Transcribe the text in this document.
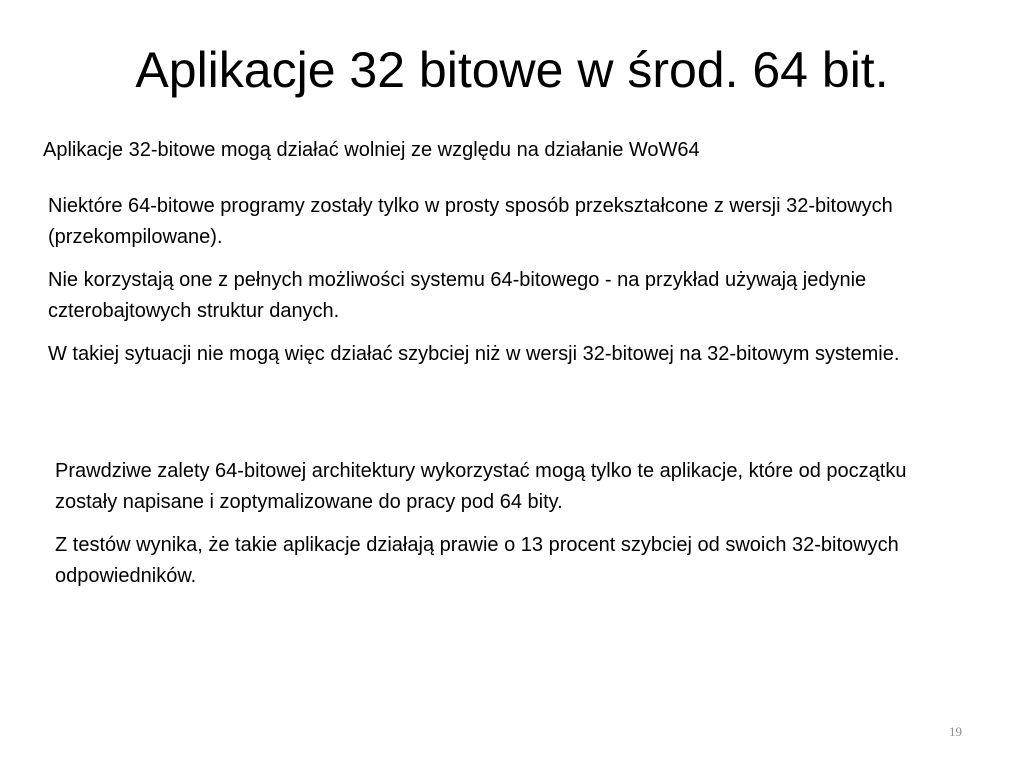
Aplikacje 32 bitowe w środ. 64 bit.
Aplikacje 32-bitowe mogą działać wolniej ze względu na działanie WoW64

Niektóre 64-bitowe programy zostały tylko w prosty sposób przekształcone z wersji 32-bitowych (przekompilowane).

Nie korzystają one z pełnych możliwości systemu 64-bitowego - na przykład używają jedynie czterobajtowych struktur danych.

W takiej sytuacji nie mogą więc działać szybciej niż w wersji 32-bitowej na 32-bitowym systemie.

Prawdziwe zalety 64-bitowej architektury wykorzystać mogą tylko te aplikacje, które od początku zostały napisane i zoptymalizowane do pracy pod 64 bity.

Z testów wynika, że takie aplikacje działają prawie o 13 procent szybciej od swoich 32-bitowych odpowiedników.

19
